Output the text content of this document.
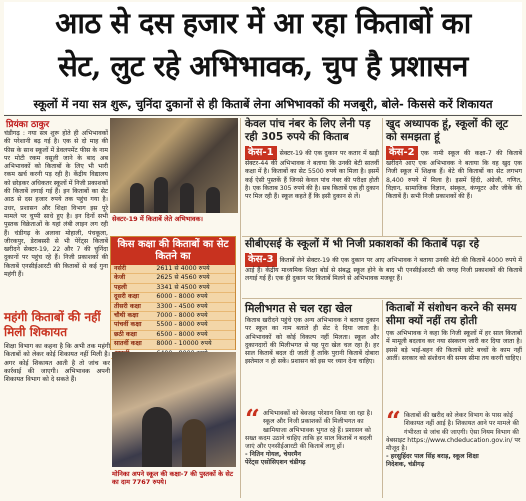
आठ से दस हजार में आ रहा किताबों का
सेट, लुट रहे अभिभावक, चुप है प्रशासन
स्कूलों में नया सत्र शुरू, चुनिंदा दुकानों से ही किताबें लेना अभिभावकों की मजबूरी, बोले- किससे करें शिकायत
प्रियंका ठाकुर
चंडीगढ़ : नया सत्र शुरू होते ही अभिभावकों की परेशानी बढ़ गई है। एक से दो माह की फीस के साथ स्कूलों में डेवलपमेंट फीस के नाम पर मोटी रकम वसूली जाने के बाद अब अभिभावकों को किताबों के लिए भी भारी रकम खर्च करनी पड़ रही है। केंद्रीय विद्यालय को छोड़कर अधिकतर स्कूलों में निजी प्रकाशकों की किताबें लगाई गई हैं। इन किताबों का सेट आठ से दस हजार रुपये तक पहुंच गया है। उधर, प्रशासन और शिक्षा विभाग इस पूरे मामले पर चुप्पी साधे हुए है। इन दिनों सभी पुस्तक विक्रेताओं के यहां लंबी लाइन लग रही हैं। चंडीगढ़ के अलावा मोहाली, पंचकूला, जीरकपुर, डेराबस्सी से भी पेरेंट्स किताबें खरीदने सेक्टर-19, 22 और 7 की चुनिंदा दुकानों पर पहुंच रहे हैं। निजी प्रकाशकों की किताबें एनसीईआरटी की किताबों से कई गुना महंगी हैं।
सेक्टर-19 में किताबें लेते अभिभावक।
किस कक्षा की किताबों का सेट कितने का
नर्सरी	2611 से 4000 रुपये
केजी	2625 से 4560 रुपये
पहली	3341 से 4500 रुपये
दूसरी कक्षा	6000 - 8000 रुपये
तीसरी कक्षा	3300 - 4500 रुपये
चौथी कक्षा	7000 - 8000 रुपये
पांचवीं कक्षा	5500 - 8000 रुपये
छठी कक्षा	6500 - 8000 रुपये
सातवीं कक्षा	8000 - 10000 रुपये
केवल पांच नंबर के लिए लेनी पड़ रही 305 रुपये की किताब
केस-1 सेक्टर-19 की एक दुकान पर कतार में खड़ी सेक्टर-44 की अभिभावक ने बताया कि उनकी बेटी सातवीं कक्षा में है। किताबों का सेट 5500 रुपये का मिला है। इसमें कई ऐसी पुस्तकें हैं जिनसे केवल पांच नंबर की परीक्षा होती है। एक किताब 305 रुपये की है। सब किताबें एक ही दुकान पर मिल रही हैं। स्कूल कहते हैं कि इसी दुकान से लें।
खुद अध्यापक हूं, स्कूलों की लूट को समझता हूं
केस-2 एक नामी स्कूल की कक्षा-7 की किताबें खरीदने आए एक अभिभावक ने बताया कि वह खुद एक निजी स्कूल में शिक्षक हैं। बेटे की किताबों का सेट लगभग 8,400 रुपये में मिला है। इसमें हिंदी, अंग्रेजी, गणित, विज्ञान, सामाजिक विज्ञान, संस्कृत, कंप्यूटर और जीके की किताबें हैं। सभी निजी प्रकाशकों की हैं।
सीबीएसई के स्कूलों में भी निजी प्रकाशकों की किताबें पढ़ा रहे
केस-3 किताबें लेने सेक्टर-19 की एक दुकान पर आए अभिभावक ने बताया उनकी बेटी की किताबें 4000 रुपये में आई हैं। केंद्रीय माध्यमिक शिक्षा बोर्ड से संबद्ध स्कूल होने के बाद भी एनसीईआरटी की जगह निजी प्रकाशकों की किताबें लगाई गई हैं। एक ही दुकान पर किताबें मिलने से अभिभावक मजबूर हैं।
मिलीभगत से चल रहा खेल
किताब खरीदने पहुंचे एक अन्य अभिभावक ने बताया दुकान पर स्कूल का नाम बताते ही सेट दे दिया जाता है। अभिभावकों को कोई विकल्प नहीं मिलता। स्कूल और दुकानदारों की मिलीभगत से यह पूरा खेल चल रहा है। हर साल किताबें बदल दी जाती हैं ताकि पुरानी किताबें दोबारा इस्तेमाल न हो सकें। प्रशासन को इस पर ध्यान देना चाहिए।
“ अभिभावकों को बेवजह परेशान किया जा रहा है। स्कूल और निजी प्रकाशकों की मिलीभगत का खामियाजा अभिभावक भुगत रहे हैं। प्रशासन को सख्त कदम उठाने चाहिए ताकि हर साल किताबें न बदली जाएं और एनसीईआरटी की किताबें लागू हों।
- नितिन गोयल, चेयरमैन
पेरेंट्स एसोसिएशन चंडीगढ़
मोनिका अपने स्कूल की कक्षा-7 की पुस्तकों के सेट का दाम 7767 रुपये।
महंगी किताबों की नहीं मिली शिकायत
शिक्षा विभाग का कहना है कि अभी तक महंगी किताबों को लेकर कोई शिकायत नहीं मिली है। अगर कोई शिकायत आती है तो जांच कर कार्रवाई की जाएगी। अभिभावक अपनी शिकायत विभाग को दे सकते हैं।
किताबों में संशोधन करने की समय सीमा क्यों नहीं तय होती
एक अभिभावक ने कहा कि निजी स्कूलों में हर साल किताबों में मामूली बदलाव कर नया संस्करण जारी कर दिया जाता है। इससे बड़े भाई-बहन की किताबें छोटे बच्चों के काम नहीं आतीं। सरकार को संशोधन की समय सीमा तय करनी चाहिए।
“ किताबों की खरीद को लेकर विभाग के पास कोई शिकायत नहीं आई है। शिकायत आने पर मामले की गंभीरता से जांच की जाएगी। ऐसा नियम विभाग की वेबसाइट https://www.chdeducation.gov.in/ पर मौजूद है।
- हरसुहिंदर पाल सिंह बराड़, स्कूल शिक्षा
निदेशक, चंडीगढ़
